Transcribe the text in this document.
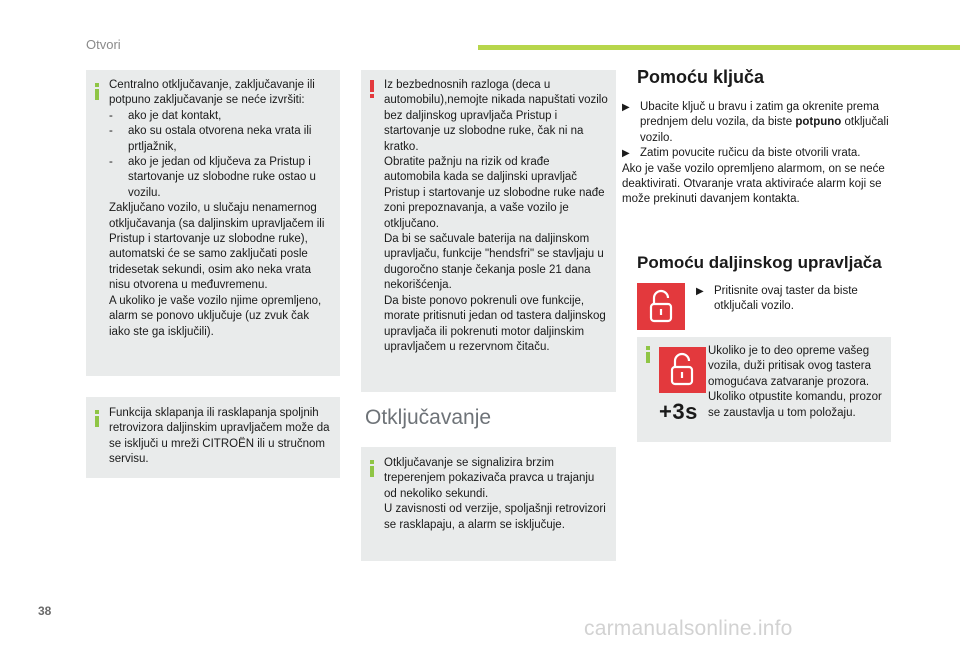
Otvori

Centralno otključavanje, zaključavanje ili potpuno zaključavanje se neće izvršiti:

- ako je dat kontakt,

- ako su ostala otvorena neka vrata ili prtljažnik,

- ako je jedan od ključeva za Pristup i startovanje uz slobodne ruke ostao u vozilu.

Zaključano vozilo, u slučaju nenamernog otključavanja (sa daljinskim upravljačem ili Pristup i startovanje uz slobodne ruke), automatski će se samo zaključati posle tridesetak sekundi, osim ako neka vrata nisu otvorena u međuvremenu.

A ukoliko je vaše vozilo njime opremljeno, alarm se ponovo uključuje (uz zvuk čak iako ste ga isključili).

Funkcija sklapanja ili rasklapanja spoljnih retrovizora daljinskim upravljačem može da se isključi u mreži CITROËN ili u stručnom servisu.

Iz bezbednosnih razloga (deca u automobilu),nemojte nikada napuštati vozilo bez daljinskog upravljača Pristup i startovanje uz slobodne ruke, čak ni na kratko.

Obratite pažnju na rizik od krađe automobila kada se daljinski upravljač Pristup i startovanje uz slobodne ruke nađe zoni prepoznavanja, a vaše vozilo je otključano.

Da bi se sačuvale baterija na daljinskom upravljaču, funkcije "hendsfri" se stavljaju u dugoročno stanje čekanja posle 21 dana nekorišćenja.

Da biste ponovo pokrenuli ove funkcije, morate pritisnuti jedan od tastera daljinskog upravljača ili pokrenuti motor daljinskim upravljačem u rezervnom čitaču.

Otključavanje

Otključavanje se signalizira brzim treperenjem pokazivača pravca u trajanju od nekoliko sekundi.

U zavisnosti od verzije, spoljašnji retrovizori se rasklapaju, a alarm se isključuje.

Pomoću ključa

▶ Ubacite ključ u bravu i zatim ga okrenite prema prednjem delu vozila, da biste potpuno otključali vozilo.

▶ Zatim povucite ručicu da biste otvorili vrata.

Ako je vaše vozilo opremljeno alarmom, on se neće deaktivirati. Otvaranje vrata aktiviraće alarm koji se može prekinuti davanjem kontakta.

Pomoću daljinskog upravljača

▶ Pritisnite ovaj taster da biste otključali vozilo.

+3s

Ukoliko je to deo opreme vašeg vozila, duži pritisak ovog tastera omogućava zatvaranje prozora. Ukoliko otpustite komandu, prozor se zaustavlja u tom položaju.

38
carmanualsonline.info
